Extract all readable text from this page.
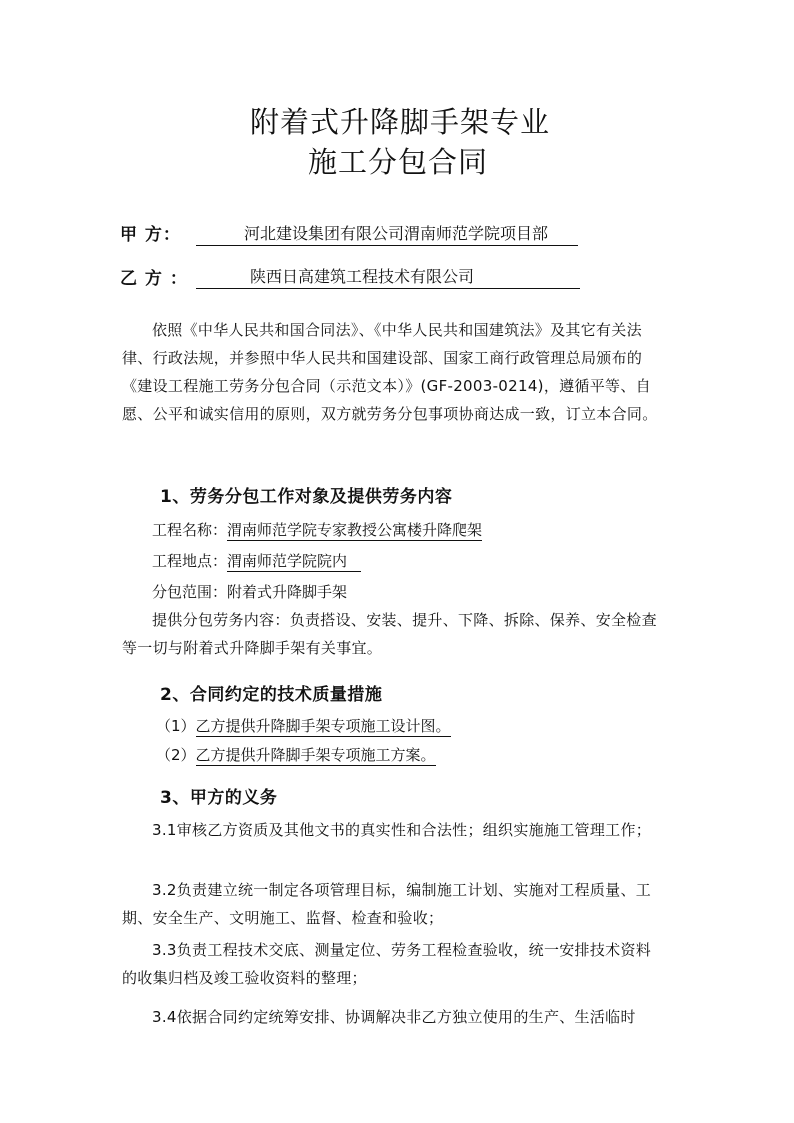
附着式升降脚手架专业
施工分包合同
甲 方：	河北建设集团有限公司渭南师范学院项目部
乙 方 ：	陕西日高建筑工程技术有限公司
依照《中华人民共和国合同法》、《中华人民共和国建筑法》及其它有关法律、行政法规，并参照中华人民共和国建设部、国家工商行政管理总局颁布的《建设工程施工劳务分包合同（示范文本）》(GF-2003-0214)，遵循平等、自愿、公平和诚实信用的原则，双方就劳务分包事项协商达成一致，订立本合同。
1、劳务分包工作对象及提供劳务内容
工程名称：渭南师范学院专家教授公寓楼升降爬架
工程地点：渭南师范学院院内
分包范围：附着式升降脚手架
提供分包劳务内容：负责搭设、安装、提升、下降、拆除、保养、安全检查等一切与附着式升降脚手架有关事宜。
2、合同约定的技术质量措施
（1）乙方提供升降脚手架专项施工设计图。
（2）乙方提供升降脚手架专项施工方案。
3、甲方的义务
3.1审核乙方资质及其他文书的真实性和合法性；组织实施施工管理工作；
3.2负责建立统一制定各项管理目标，编制施工计划、实施对工程质量、工期、安全生产、文明施工、监督、检查和验收；
3.3负责工程技术交底、测量定位、劳务工程检查验收，统一安排技术资料的收集归档及竣工验收资料的整理；
3.4依据合同约定统筹安排、协调解决非乙方独立使用的生产、生活临时
